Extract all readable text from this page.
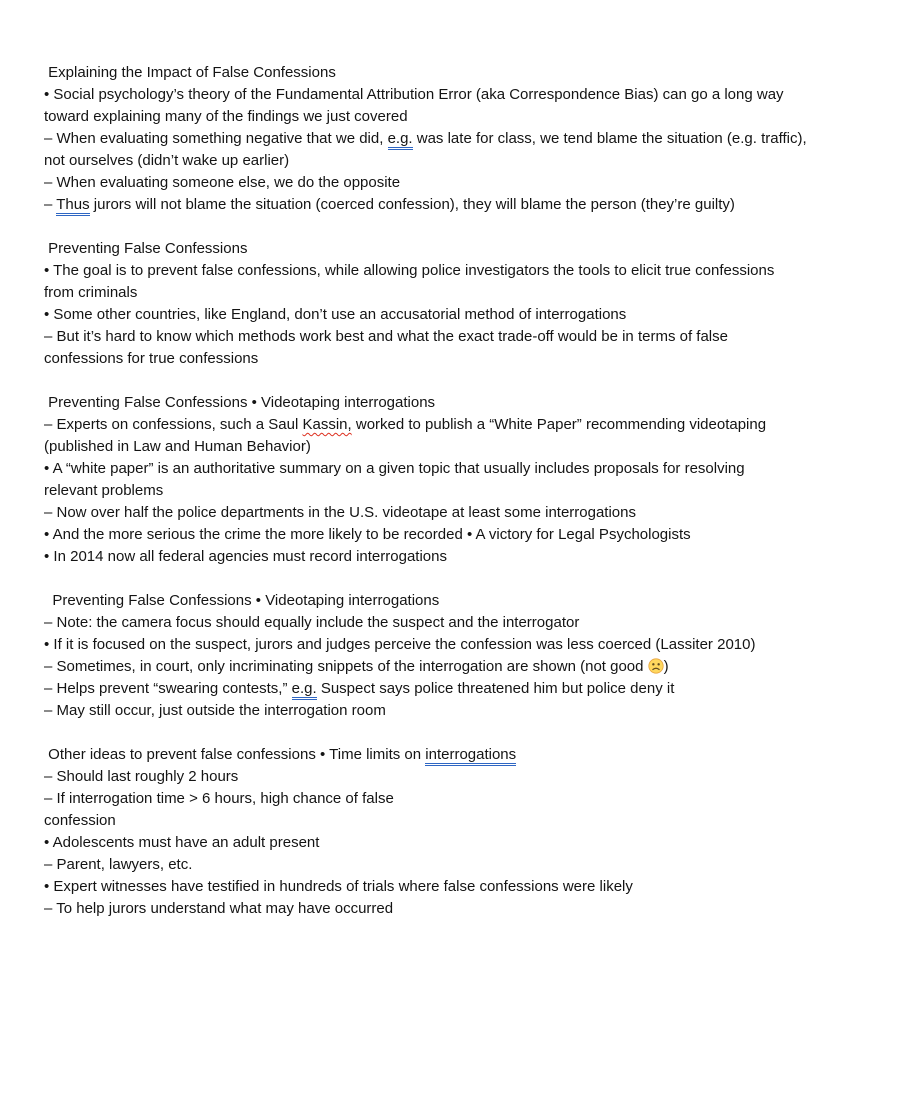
Explaining the Impact of False Confessions
• Social psychology’s theory of the Fundamental Attribution Error (aka Correspondence Bias) can go a long way
toward explaining many of the findings we just covered
– When evaluating something negative that we did, e.g. was late for class, we tend blame the situation (e.g. traffic),
not ourselves (didn’t wake up earlier)
– When evaluating someone else, we do the opposite
– Thus jurors will not blame the situation (coerced confession), they will blame the person (they’re guilty)
Preventing False Confessions
• The goal is to prevent false confessions, while allowing police investigators the tools to elicit true confessions
from criminals
• Some other countries, like England, don’t use an accusatorial method of interrogations
– But it’s hard to know which methods work best and what the exact trade-off would be in terms of false
confessions for true confessions
Preventing False Confessions • Videotaping interrogations
– Experts on confessions, such a Saul Kassin, worked to publish a “White Paper” recommending videotaping
(published in Law and Human Behavior)
• A “white paper” is an authoritative summary on a given topic that usually includes proposals for resolving
relevant problems
– Now over half the police departments in the U.S. videotape at least some interrogations
• And the more serious the crime the more likely to be recorded • A victory for Legal Psychologists
• In 2014 now all federal agencies must record interrogations
Preventing False Confessions • Videotaping interrogations
– Note: the camera focus should equally include the suspect and the interrogator
• If it is focused on the suspect, jurors and judges perceive the confession was less coerced (Lassiter 2010)
– Sometimes, in court, only incriminating snippets of the interrogation are shown (not good )
– Helps prevent “swearing contests,” e.g. Suspect says police threatened him but police deny it
– May still occur, just outside the interrogation room
Other ideas to prevent false confessions • Time limits on interrogations
– Should last roughly 2 hours
– If interrogation time > 6 hours, high chance of false
confession
• Adolescents must have an adult present
– Parent, lawyers, etc.
• Expert witnesses have testified in hundreds of trials where false confessions were likely
– To help jurors understand what may have occurred
